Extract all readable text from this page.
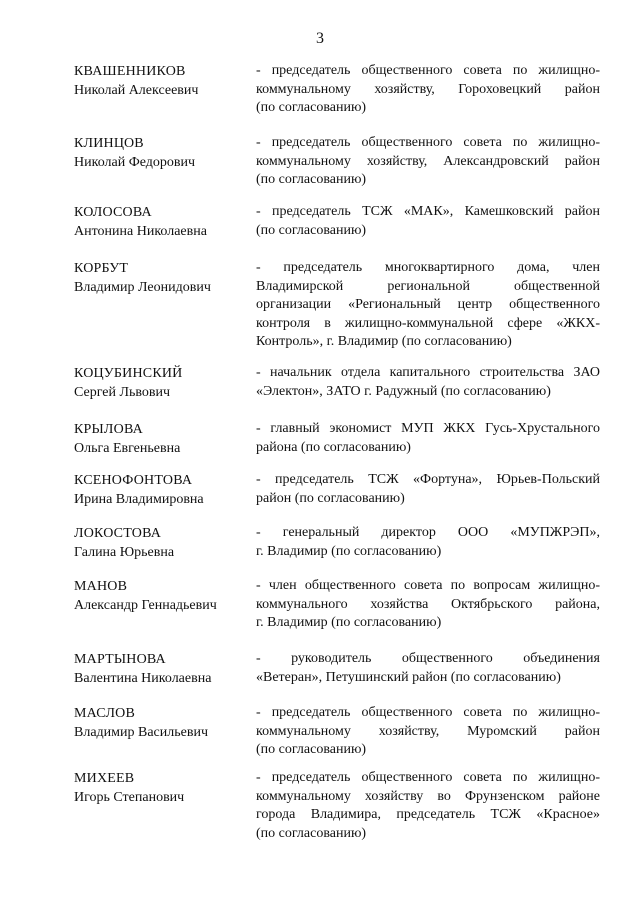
3
КВАШЕННИКОВ
Николай Алексеевич
- председатель общественного совета по жилищно-
коммунальному хозяйству, Гороховецкий район
(по согласованию)
КЛИНЦОВ
Николай Федорович
- председатель общественного совета по жилищно-
коммунальному хозяйству, Александровский район
(по согласованию)
КОЛОСОВА
Антонина Николаевна
- председатель ТСЖ «МАК», Камешковский район
(по согласованию)
КОРБУТ
Владимир Леонидович
- председатель многоквартирного дома, член
Владимирской региональной общественной
организации «Региональный центр общественного
контроля в жилищно-коммунальной сфере «ЖКХ-
Контроль», г. Владимир (по согласованию)
КОЦУБИНСКИЙ
Сергей Львович
- начальник отдела капитального строительства ЗАО
«Электон», ЗАТО г. Радужный (по согласованию)
КРЫЛОВА
Ольга Евгеньевна
- главный экономист МУП ЖКХ Гусь-Хрустального
района (по согласованию)
КСЕНОФОНТОВА
Ирина Владимировна
- председатель ТСЖ «Фортуна», Юрьев-Польский
район (по согласованию)
ЛОКОСТОВА
Галина Юрьевна
- генеральный директор ООО «МУПЖРЭП»,
г. Владимир (по согласованию)
МАНОВ
Александр Геннадьевич
- член общественного совета по вопросам жилищно-
коммунального хозяйства Октябрьского района,
г. Владимир (по согласованию)
МАРТЫНОВА
Валентина Николаевна
- руководитель общественного объединения
«Ветеран», Петушинский район (по согласованию)
МАСЛОВ
Владимир Васильевич
- председатель общественного совета по жилищно-
коммунальному хозяйству, Муромский район
(по согласованию)
МИХЕЕВ
Игорь Степанович
- председатель общественного совета по жилищно-
коммунальному хозяйству во Фрунзенском районе
города Владимира, председатель ТСЖ «Красное»
(по согласованию)
